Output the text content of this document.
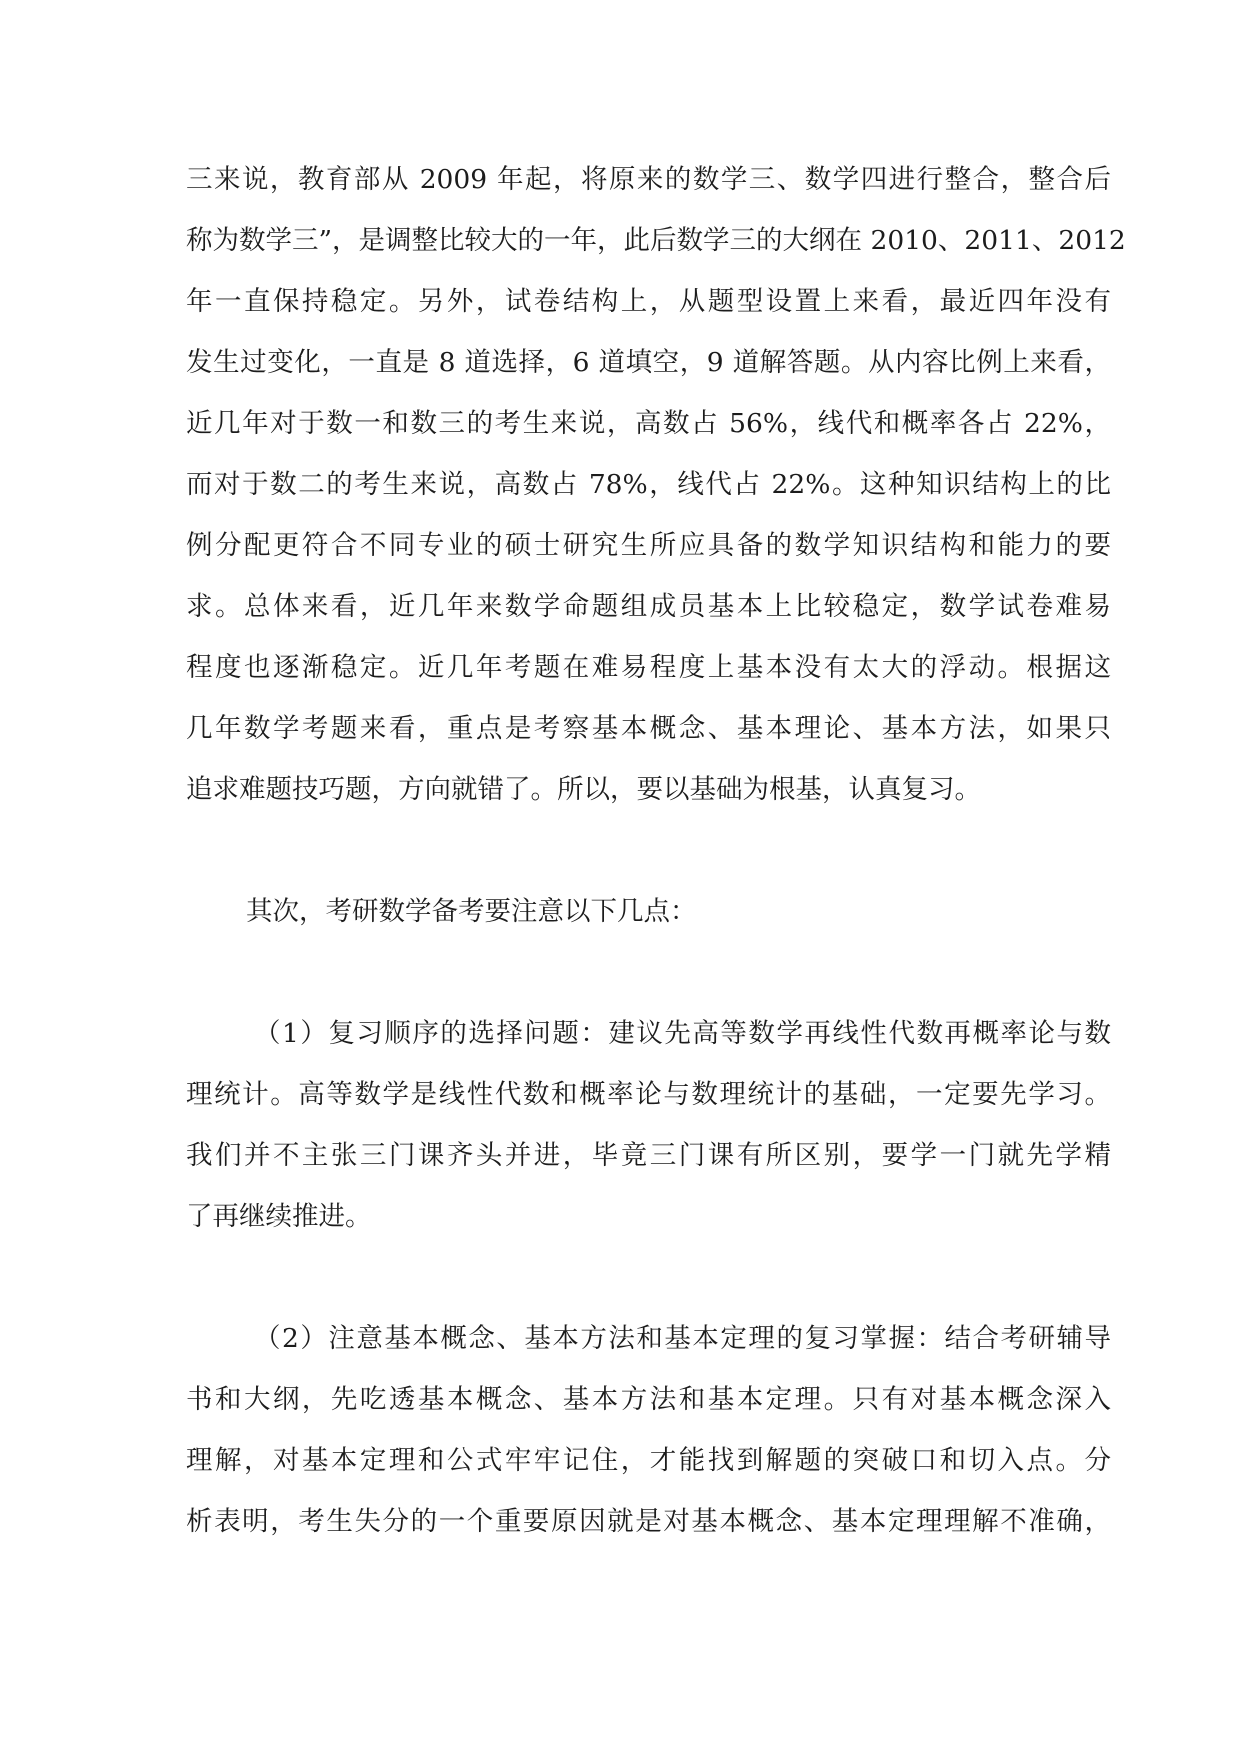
三来说，教育部从 2009 年起，将原来的数学三、数学四进行整合，整合后
称为数学三”，是调整比较大的一年，此后数学三的大纲在 2010、2011、2012
年一直保持稳定。另外，试卷结构上，从题型设置上来看，最近四年没有
发生过变化，一直是 8 道选择，6 道填空，9 道解答题。从内容比例上来看，
近几年对于数一和数三的考生来说，高数占 56%，线代和概率各占 22%，
而对于数二的考生来说，高数占 78%，线代占 22%。这种知识结构上的比
例分配更符合不同专业的硕士研究生所应具备的数学知识结构和能力的要
求。总体来看，近几年来数学命题组成员基本上比较稳定，数学试卷难易
程度也逐渐稳定。近几年考题在难易程度上基本没有太大的浮动。根据这
几年数学考题来看，重点是考察基本概念、基本理论、基本方法，如果只
追求难题技巧题，方向就错了。所以，要以基础为根基，认真复习。
其次，考研数学备考要注意以下几点：
（1）复习顺序的选择问题：建议先高等数学再线性代数再概率论与数
理统计。高等数学是线性代数和概率论与数理统计的基础，一定要先学习。
我们并不主张三门课齐头并进，毕竟三门课有所区别，要学一门就先学精
了再继续推进。
（2）注意基本概念、基本方法和基本定理的复习掌握：结合考研辅导
书和大纲，先吃透基本概念、基本方法和基本定理。只有对基本概念深入
理解，对基本定理和公式牢牢记住，才能找到解题的突破口和切入点。分
析表明，考生失分的一个重要原因就是对基本概念、基本定理理解不准确，
